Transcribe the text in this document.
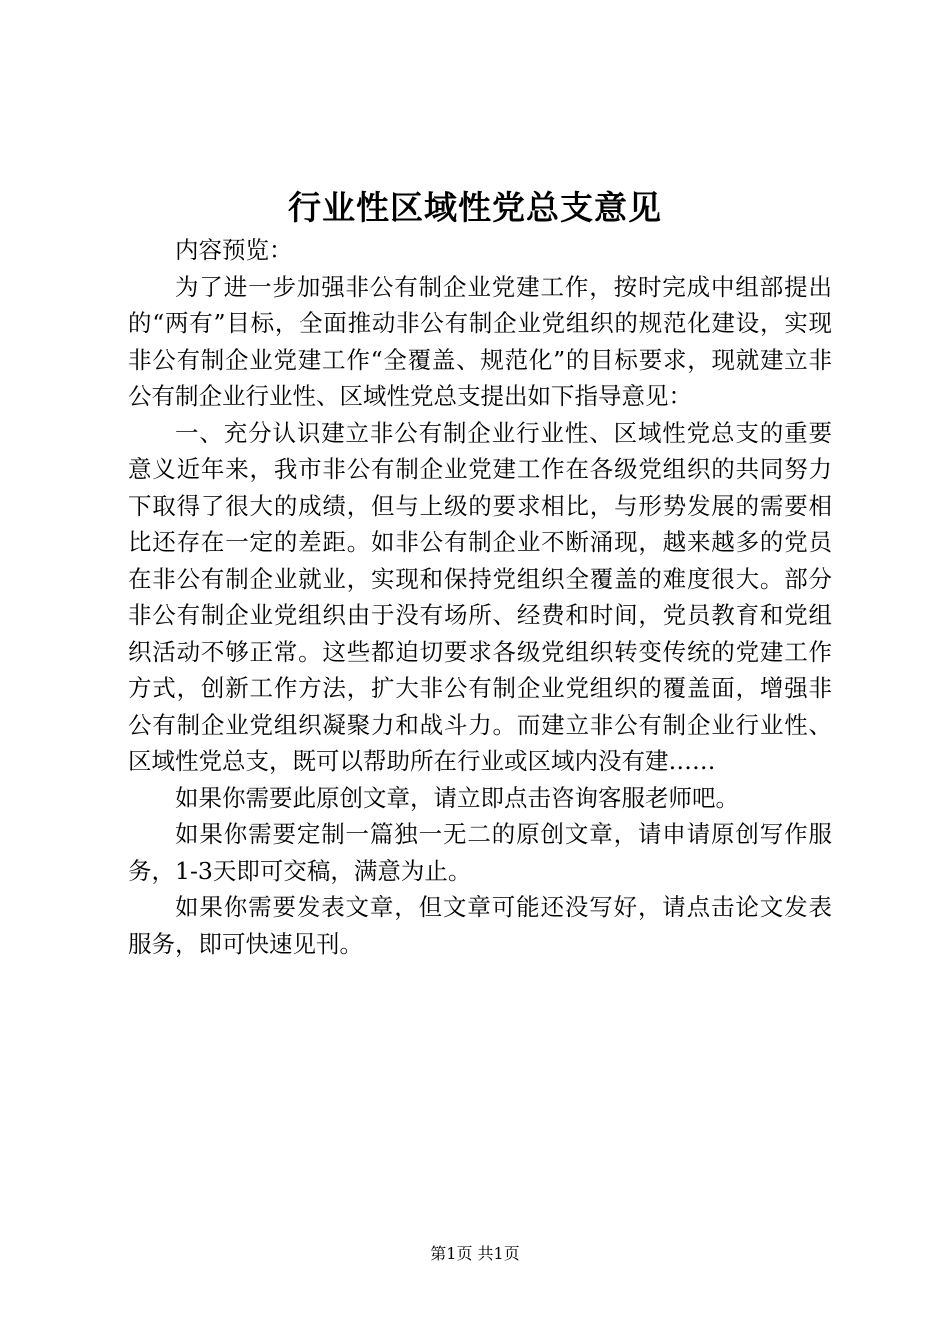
行业性区域性党总支意见

内容预览：

为了进一步加强非公有制企业党建工作，按时完成中组部提出的“两有”目标，全面推动非公有制企业党组织的规范化建设，实现非公有制企业党建工作“全覆盖、规范化”的目标要求，现就建立非公有制企业行业性、区域性党总支提出如下指导意见：

一、充分认识建立非公有制企业行业性、区域性党总支的重要意义近年来，我市非公有制企业党建工作在各级党组织的共同努力下取得了很大的成绩，但与上级的要求相比，与形势发展的需要相比还存在一定的差距。如非公有制企业不断涌现，越来越多的党员在非公有制企业就业，实现和保持党组织全覆盖的难度很大。部分非公有制企业党组织由于没有场所、经费和时间，党员教育和党组织活动不够正常。这些都迫切要求各级党组织转变传统的党建工作方式，创新工作方法，扩大非公有制企业党组织的覆盖面，增强非公有制企业党组织凝聚力和战斗力。而建立非公有制企业行业性、区域性党总支，既可以帮助所在行业或区域内没有建……

如果你需要此原创文章，请立即点击咨询客服老师吧。

如果你需要定制一篇独一无二的原创文章，请申请原创写作服务，1-3天即可交稿，满意为止。

如果你需要发表文章，但文章可能还没写好，请点击论文发表服务，即可快速见刊。

第1页 共1页
